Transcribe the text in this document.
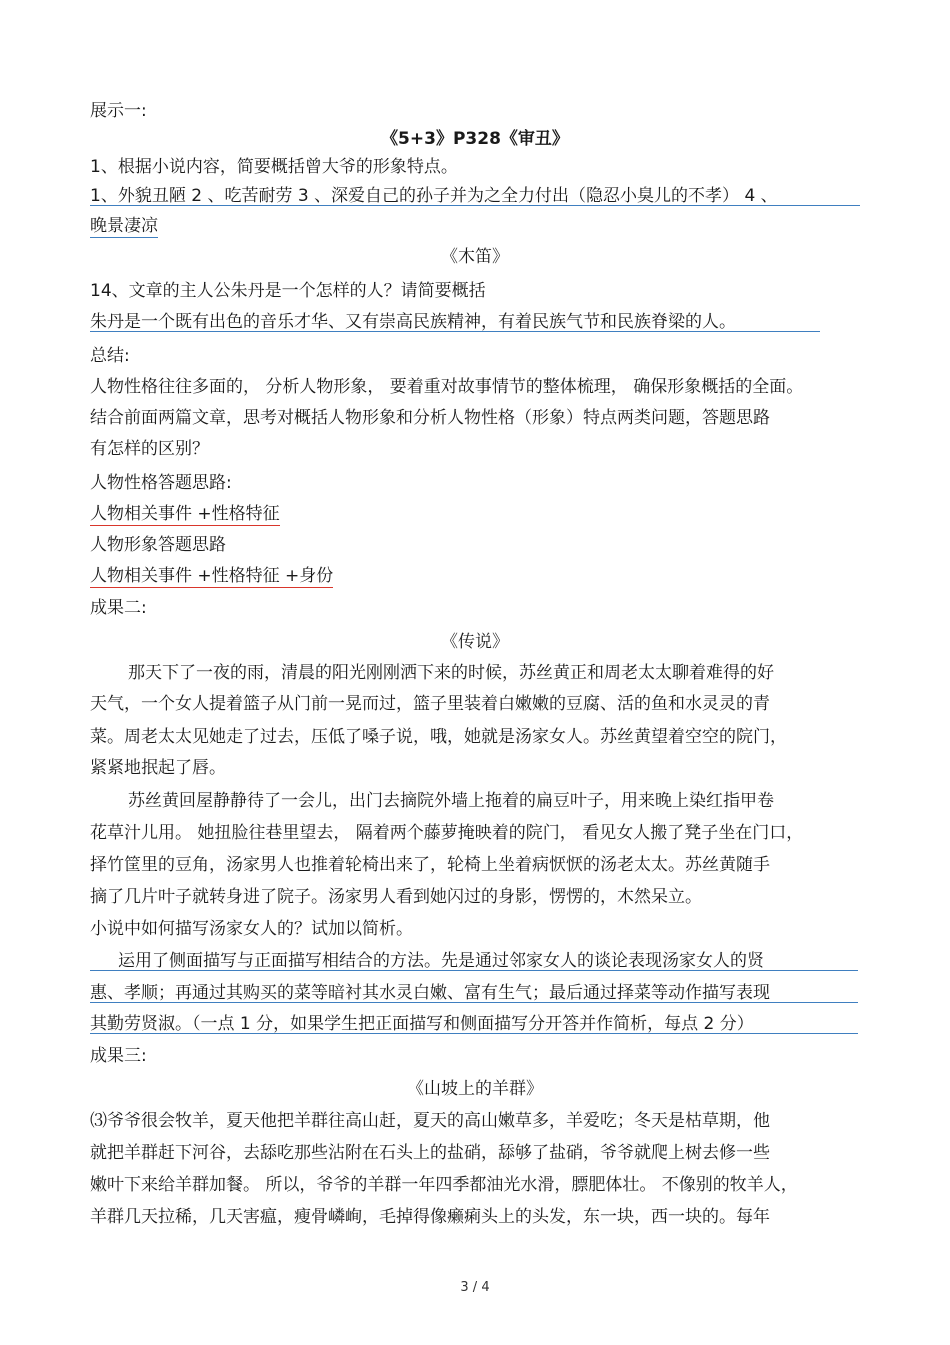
展示一:
《5+3》P328《审丑》
1、根据小说内容，简要概括曾大爷的形象特点。
1、外貌丑陋 2 、吃苦耐劳 3 、深爱自己的孙子并为之全力付出（隐忍小臭儿的不孝） 4 、
晚景凄凉
《木笛》
14、文章的主人公朱丹是一个怎样的人？请简要概括
朱丹是一个既有出色的音乐才华、又有崇高民族精神，有着民族气节和民族脊梁的人。
总结:
人物性格往往多面的， 分析人物形象， 要着重对故事情节的整体梳理， 确保形象概括的全面。
结合前面两篇文章，思考对概括人物形象和分析人物性格（形象）特点两类问题，答题思路
有怎样的区别？
人物性格答题思路:
人物相关事件 +性格特征
人物形象答题思路
人物相关事件 +性格特征 +身份
成果二:
《传说》
那天下了一夜的雨，清晨的阳光刚刚洒下来的时候，苏丝黄正和周老太太聊着难得的好
天气，一个女人提着篮子从门前一晃而过，篮子里装着白嫩嫩的豆腐、活的鱼和水灵灵的青
菜。周老太太见她走了过去，压低了嗓子说，哦，她就是汤家女人。苏丝黄望着空空的院门，
紧紧地抿起了唇。
苏丝黄回屋静静待了一会儿，出门去摘院外墙上拖着的扁豆叶子，用来晚上染红指甲卷
花草汁儿用。 她扭脸往巷里望去， 隔着两个藤萝掩映着的院门， 看见女人搬了凳子坐在门口，
择竹筐里的豆角，汤家男人也推着轮椅出来了，轮椅上坐着病恹恹的汤老太太。苏丝黄随手
摘了几片叶子就转身进了院子。汤家男人看到她闪过的身影，愣愣的，木然呆立。
小说中如何描写汤家女人的？试加以简析。
运用了侧面描写与正面描写相结合的方法。先是通过邻家女人的谈论表现汤家女人的贤
惠、孝顺；再通过其购买的菜等暗衬其水灵白嫩、富有生气；最后通过择菜等动作描写表现
其勤劳贤淑。（一点 1 分，如果学生把正面描写和侧面描写分开答并作简析，每点 2 分）
成果三:
《山坡上的羊群》
⑶爷爷很会牧羊，夏天他把羊群往高山赶，夏天的高山嫩草多，羊爱吃；冬天是枯草期，他
就把羊群赶下河谷，去舔吃那些沾附在石头上的盐硝，舔够了盐硝，爷爷就爬上树去修一些
嫩叶下来给羊群加餐。 所以，爷爷的羊群一年四季都油光水滑，膘肥体壮。 不像别的牧羊人，
羊群几天拉稀，几天害瘟，瘦骨嶙峋，毛掉得像癞痢头上的头发，东一块，西一块的。每年
3 / 4
